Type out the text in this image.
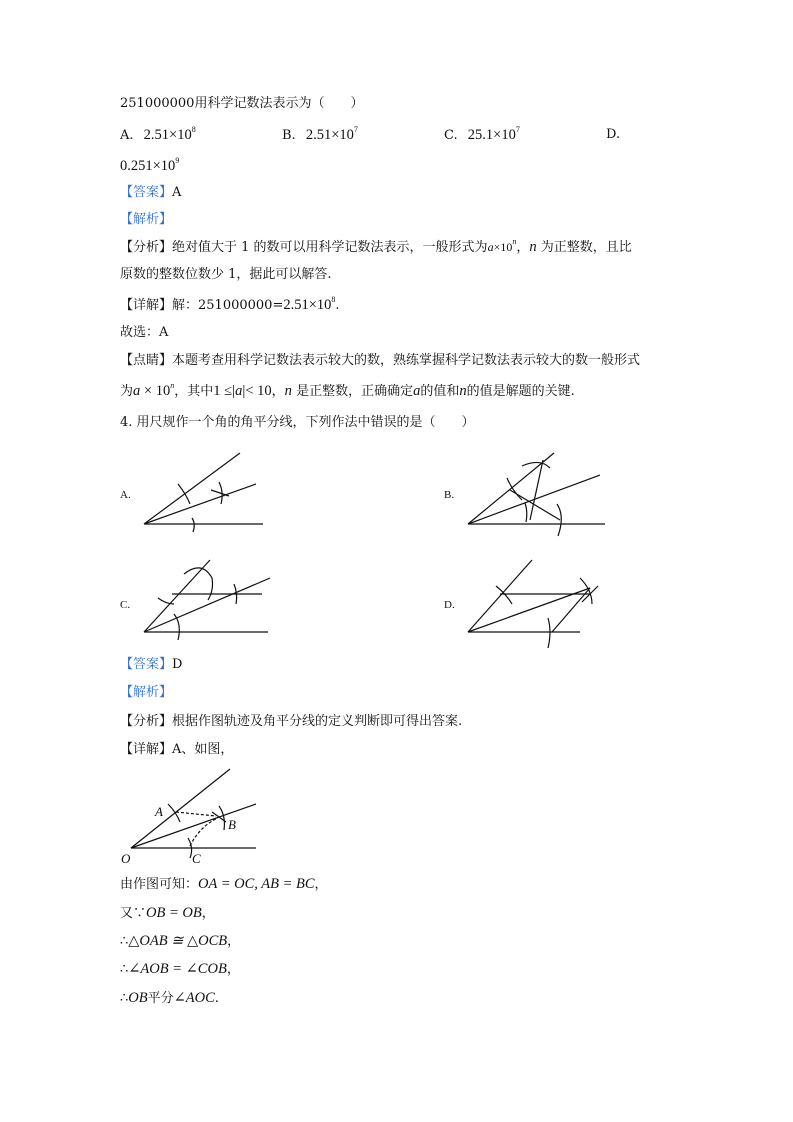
251000000用科学记数法表示为（　　）
A. $2.51\times 10^8$	B. $2.51\times 10^7$	C. $25.1\times 10^7$	D.
$0.251\times 10^9$
【答案】A
【解析】
【分析】绝对值大于 1 的数可以用科学记数法表示，一般形式为$a\times 10^n$，n 为正整数，且比
原数的整数位数少 1，据此可以解答.
【详解】解：$251000000=2.51\times 10^8$.
故选：A
【点睛】本题考查用科学记数法表示较大的数，熟练掌握科学记数法表示较大的数一般形式
为$a \times 10^n$，其中1 ≤|a|< 10，n 是正整数，正确确定a的值和n的值是解题的关键.
4. 用尺规作一个角的角平分线，下列作法中错误的是（　　）
A.	B.
C.	D.
【答案】D
【解析】
【分析】根据作图轨迹及角平分线的定义判断即可得出答案.
【详解】A、如图，
A
B
C
O
由作图可知：OA = OC, AB = BC，
又∵OB = OB，
∴△OAB ≅ △OCB，
∴∠AOB = ∠COB，
∴OB平分∠AOC.
